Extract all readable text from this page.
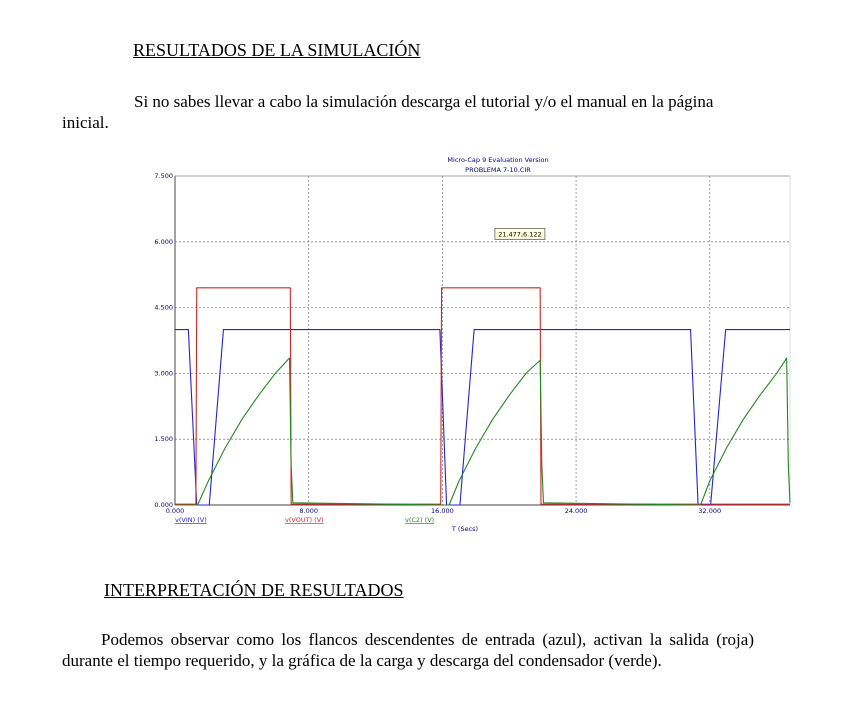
RESULTADOS DE LA SIMULACIÓN

Si no sabes llevar a cabo la simulación descarga el tutorial y/o el manual en la página inicial.

0.000
1.500
3.000
4.500
6.000
7.500
0.000	8.000	16.000	24.000	32.000
v(VIN) (V)	v(VOUT) (V)	v(C2) (V)
T (Secs)
Micro-Cap 9 Evaluation Version
PROBLEMA 7-10.CIR
21.477,6.122
INTERPRETACIÓN DE RESULTADOS

Podemos observar como los flancos descendentes de entrada (azul), activan la salida (roja) durante el tiempo requerido, y la gráfica de la carga y descarga del condensador (verde).
